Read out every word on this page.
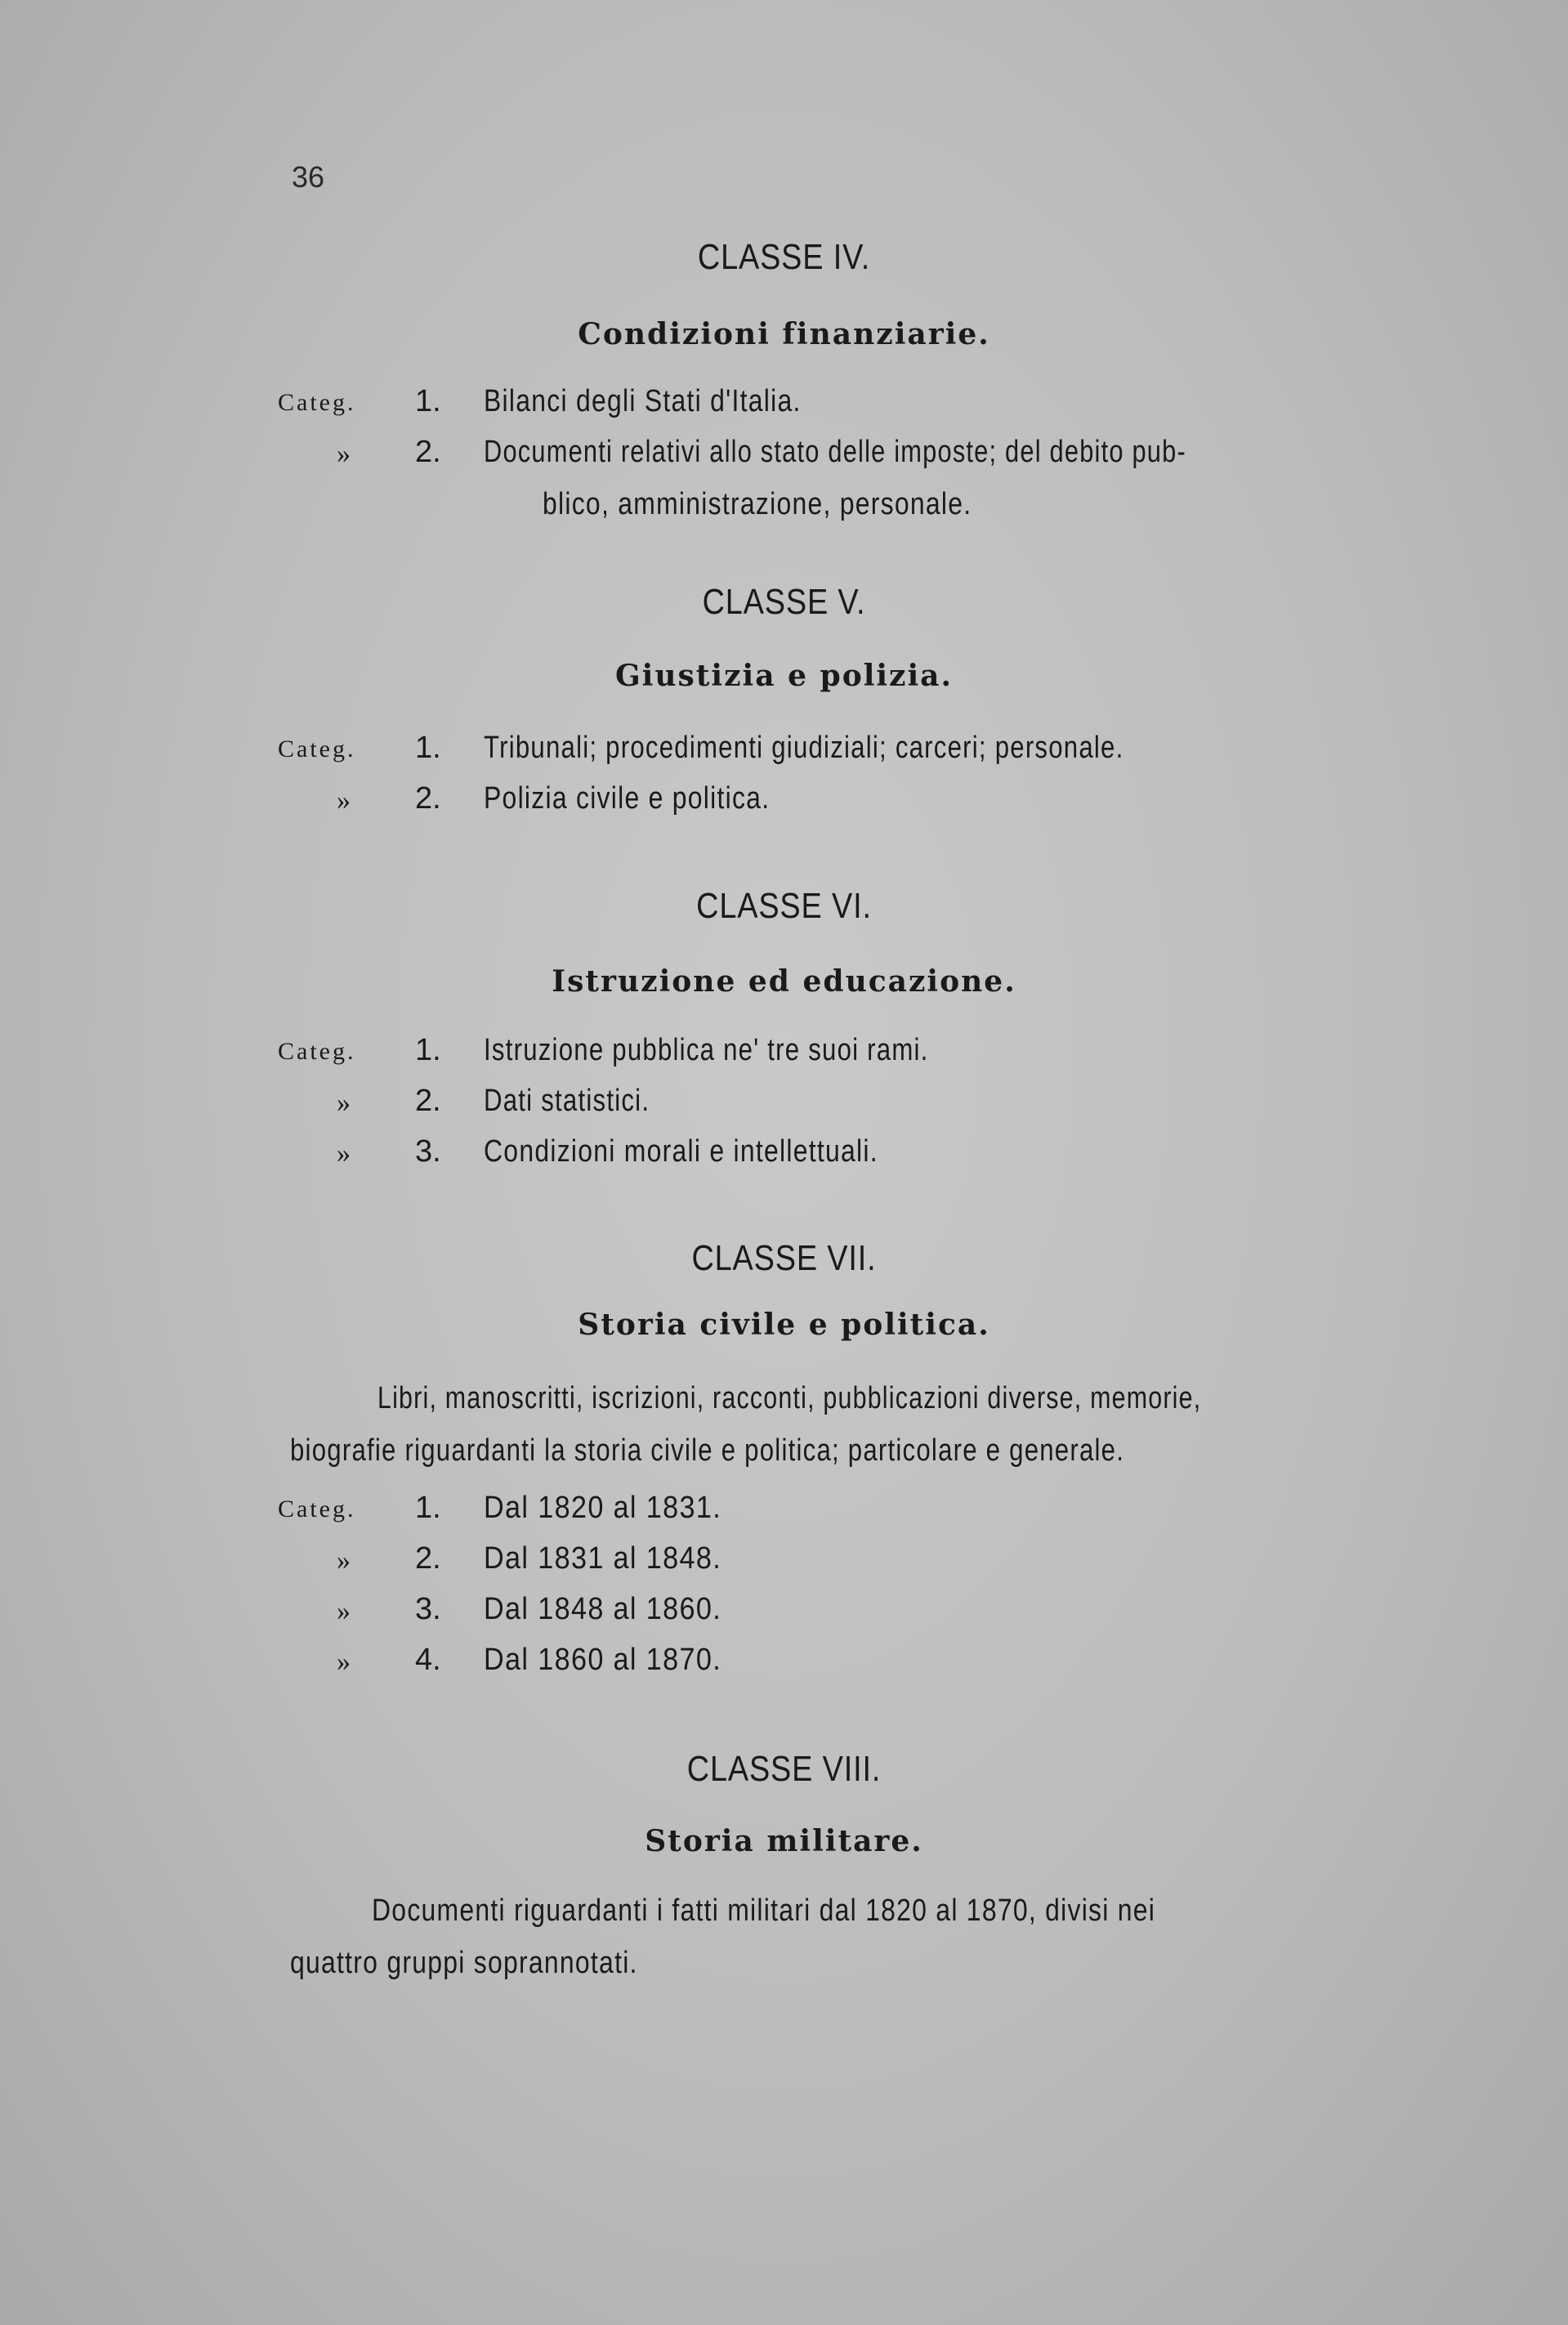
36
CLASSE IV.
Condizioni finanziarie.
Categ. 1. Bilanci degli Stati d'Italia.
» 2. Documenti relativi allo stato delle imposte; del debito pub-
blico, amministrazione, personale.
CLASSE V.
Giustizia e polizia.
Categ. 1. Tribunali; procedimenti giudiziali; carceri; personale.
» 2. Polizia civile e politica.
CLASSE VI.
Istruzione ed educazione.
Categ. 1. Istruzione pubblica ne' tre suoi rami.
» 2. Dati statistici.
» 3. Condizioni morali e intellettuali.
CLASSE VII.
Storia civile e politica.
Libri, manoscritti, iscrizioni, racconti, pubblicazioni diverse, memorie,
biografie riguardanti la storia civile e politica; particolare e generale.
Categ. 1. Dal 1820 al 1831.
» 2. Dal 1831 al 1848.
» 3. Dal 1848 al 1860.
» 4. Dal 1860 al 1870.
CLASSE VIII.
Storia militare.
Documenti riguardanti i fatti militari dal 1820 al 1870, divisi nei
quattro gruppi soprannotati.
